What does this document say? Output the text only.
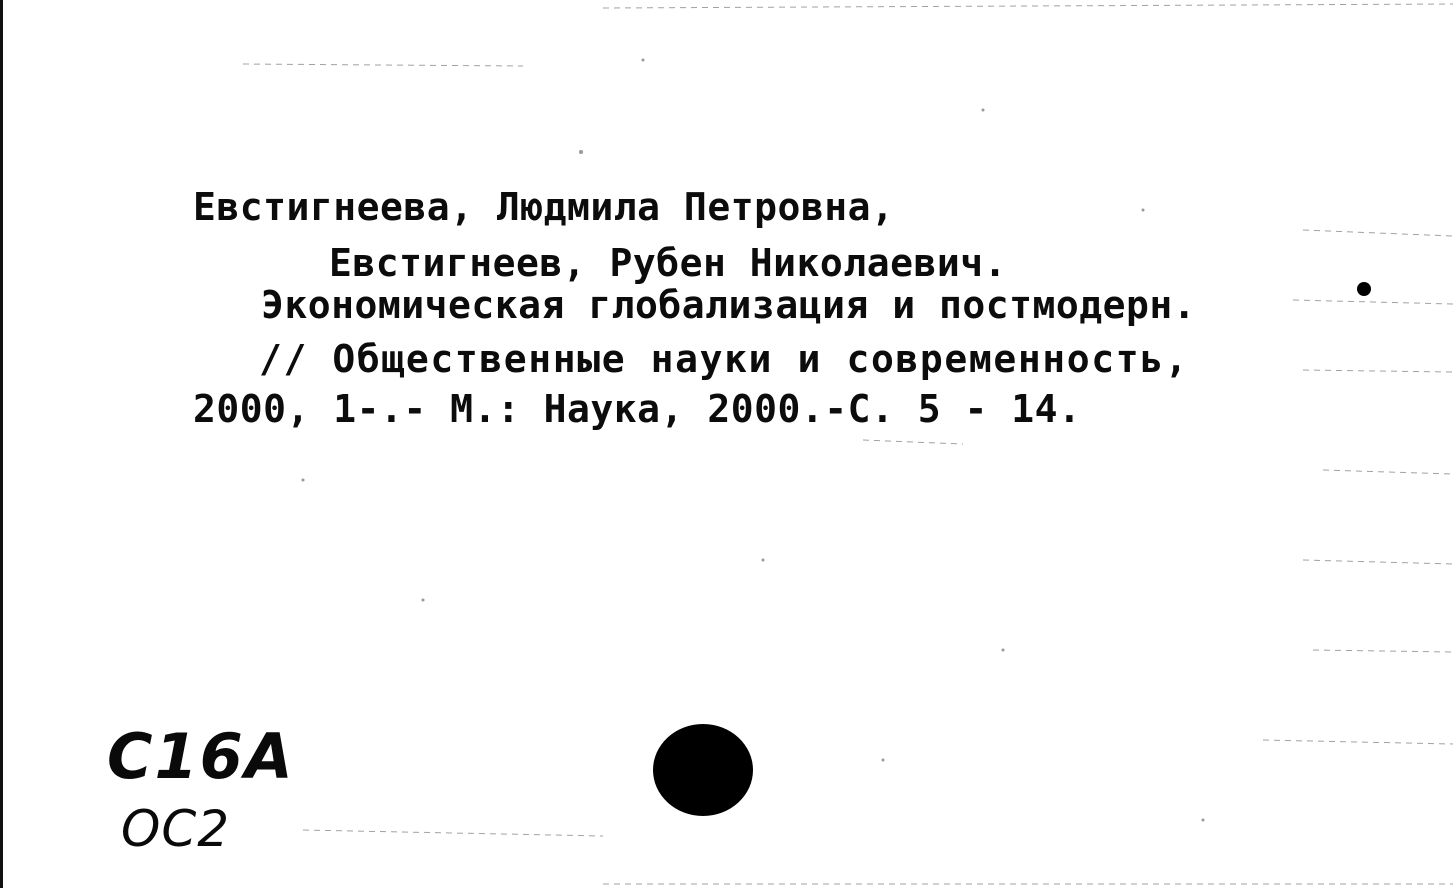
Евстигнеева, Людмила Петровна,
Евстигнеев, Рубен Николаевич.
Экономическая глобализация и постмодерн.
// Общественные науки и современность,
2000, 1-.- М.: Наука, 2000.-С. 5 - 14.
C16A
ОС2
